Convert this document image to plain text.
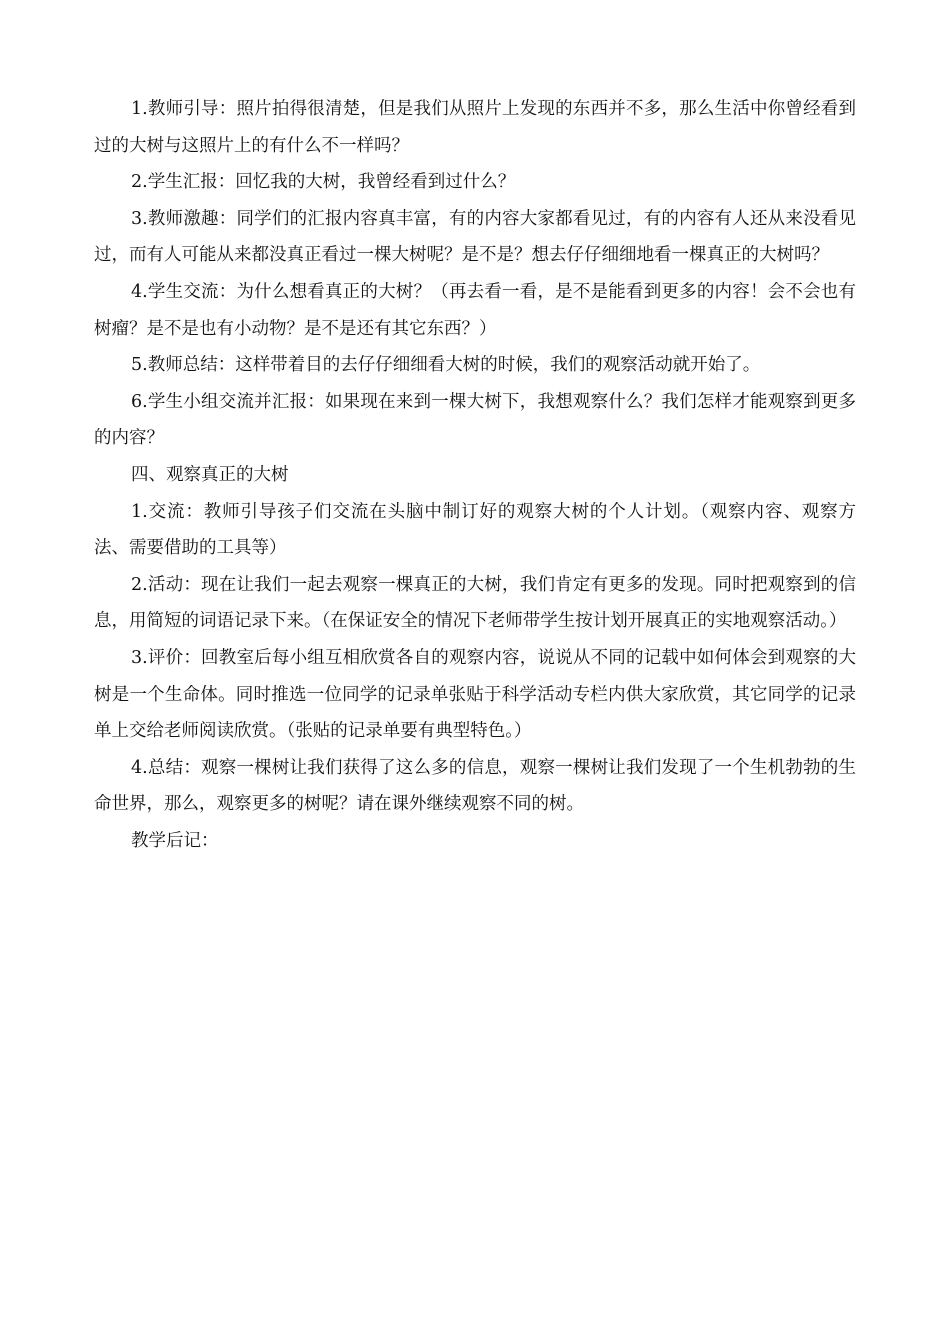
1.教师引导：照片拍得很清楚，但是我们从照片上发现的东西并不多，那么生活中你曾经看到过的大树与这照片上的有什么不一样吗？

2.学生汇报：回忆我的大树，我曾经看到过什么？

3.教师激趣：同学们的汇报内容真丰富，有的内容大家都看见过，有的内容有人还从来没看见过，而有人可能从来都没真正看过一棵大树呢？是不是？想去仔仔细细地看一棵真正的大树吗？

4.学生交流：为什么想看真正的大树？（再去看一看，是不是能看到更多的内容！会不会也有树瘤？是不是也有小动物？是不是还有其它东西？）

5.教师总结：这样带着目的去仔仔细细看大树的时候，我们的观察活动就开始了。

6.学生小组交流并汇报：如果现在来到一棵大树下，我想观察什么？我们怎样才能观察到更多的内容？

四、观察真正的大树

1.交流：教师引导孩子们交流在头脑中制订好的观察大树的个人计划。（观察内容、观察方法、需要借助的工具等）

2.活动：现在让我们一起去观察一棵真正的大树，我们肯定有更多的发现。同时把观察到的信息，用简短的词语记录下来。（在保证安全的情况下老师带学生按计划开展真正的实地观察活动。）

3.评价：回教室后每小组互相欣赏各自的观察内容，说说从不同的记载中如何体会到观察的大树是一个生命体。同时推选一位同学的记录单张贴于科学活动专栏内供大家欣赏，其它同学的记录单上交给老师阅读欣赏。（张贴的记录单要有典型特色。）

4.总结：观察一棵树让我们获得了这么多的信息，观察一棵树让我们发现了一个生机勃勃的生命世界，那么，观察更多的树呢？请在课外继续观察不同的树。

教学后记：
